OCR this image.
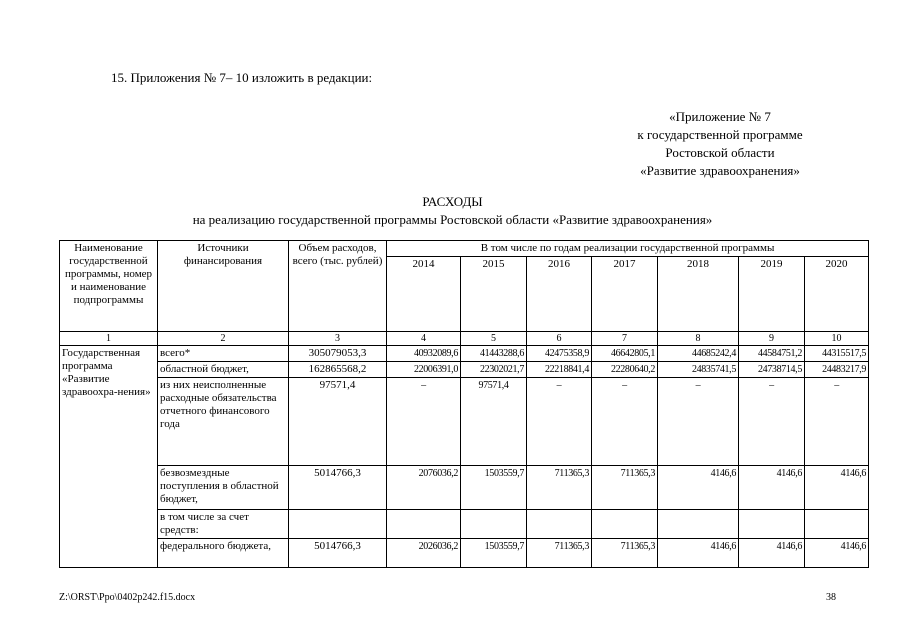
15. Приложения № 7– 10 изложить в редакции:
«Приложение № 7
к государственной программе
Ростовской области
«Развитие здравоохранения»
РАСХОДЫ
на реализацию государственной программы Ростовской области «Развитие здравоохранения»
Наименование государственной программы, номер и наименование подпрограммы	Источники финансирования	Объем расходов, всего (тыс. рублей)	В том числе по годам реализации государственной программы						
			2014	2015	2016	2017	2018	2019	2020
1	2	3	4	5	6	7	8	9	10
Государственная программа «Развитие здравоохра-нения»	всего*	305079053,3	40932089,6	41443288,6	42475358,9	46642805,1	44685242,4	44584751,2	44315517,5
	областной бюджет,	162865568,2	22006391,0	22302021,7	22218841,4	22280640,2	24835741,5	24738714,5	24483217,9
	из них неисполненные расходные обязательства отчетного финансового года	97571,4	–	97571,4	–	–	–	–	–
	безвозмездные поступления в областной бюджет,	5014766,3	2076036,2	1503559,7	711365,3	711365,3	4146,6	4146,6	4146,6
	в том числе за счет средств:								
	федерального бюджета,	5014766,3	2026036,2	1503559,7	711365,3	711365,3	4146,6	4146,6	4146,6
Z:\ORST\Ppo\0402p242.f15.docx	38
